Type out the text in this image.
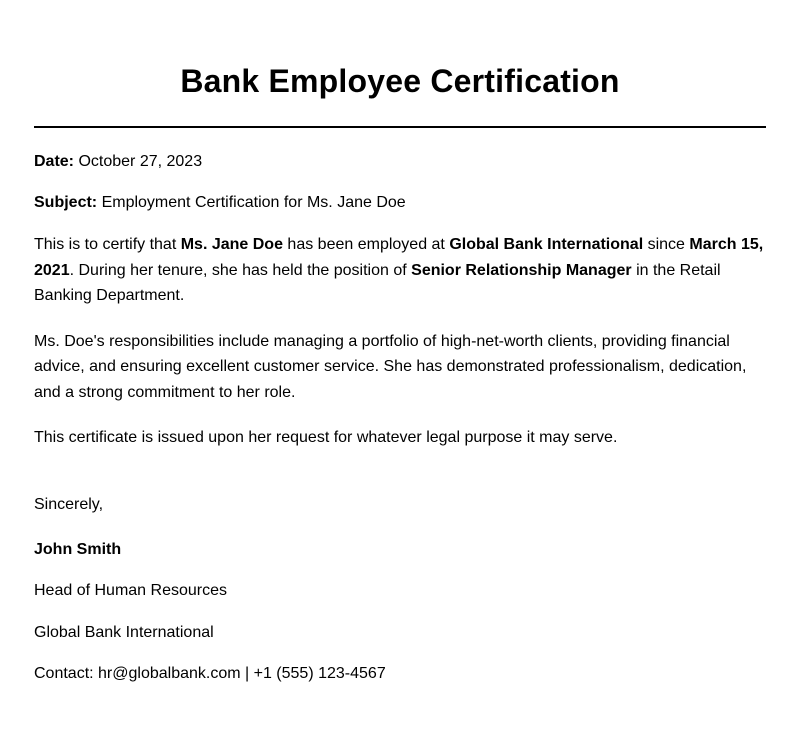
Bank Employee Certification

Date: October 27, 2023

Subject: Employment Certification for Ms. Jane Doe

This is to certify that Ms. Jane Doe has been employed at Global Bank International since March 15, 2021. During her tenure, she has held the position of Senior Relationship Manager in the Retail Banking Department.

Ms. Doe's responsibilities include managing a portfolio of high-net-worth clients, providing financial advice, and ensuring excellent customer service. She has demonstrated professionalism, dedication, and a strong commitment to her role.

This certificate is issued upon her request for whatever legal purpose it may serve.

Sincerely,

John Smith

Head of Human Resources

Global Bank International

Contact: hr@globalbank.com | +1 (555) 123-4567
